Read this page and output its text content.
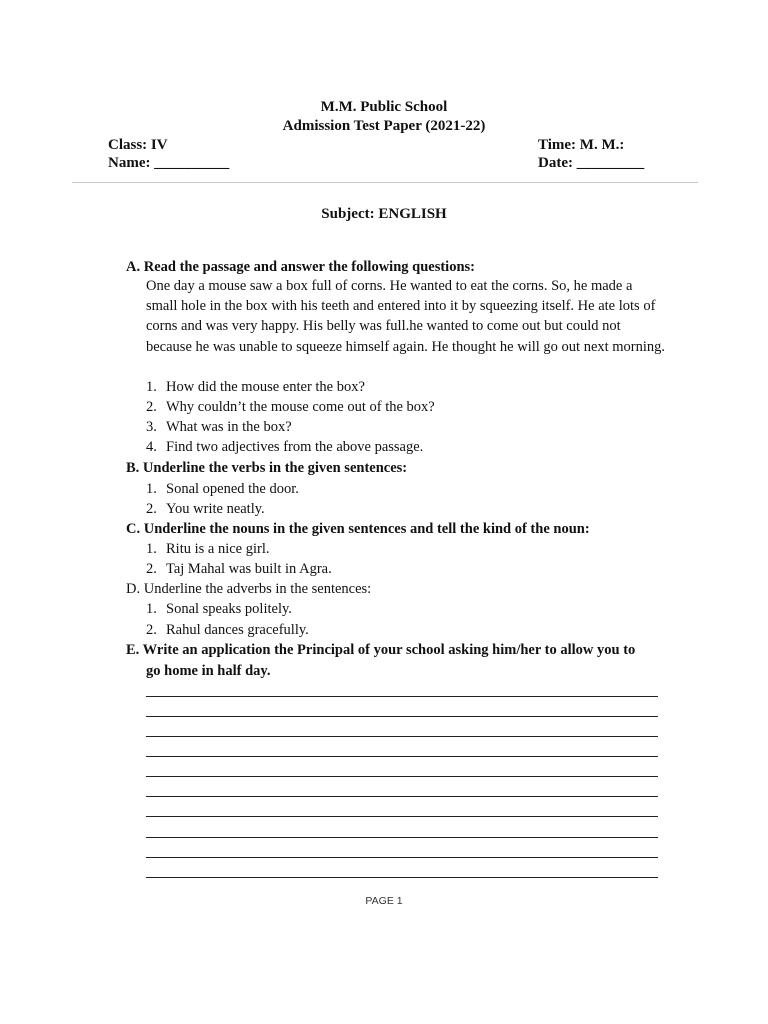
M.M. Public School
Admission Test Paper (2021-22)
Class: IV
Name: __________
Time: M. M.:
Date: _________
Subject: ENGLISH
A. Read the passage and answer the following questions:
One day a mouse saw a box full of corns. He wanted to eat the corns. So, he made a small hole in the box with his teeth and entered into it by squeezing itself. He ate lots of corns and was very happy. His belly was full.he wanted to come out but could not because he was unable to squeeze himself again. He thought he will go out next morning.
1. How did the mouse enter the box?
2. Why couldn’t the mouse come out of the box?
3. What was in the box?
4. Find two adjectives from the above passage.
B. Underline the verbs in the given sentences:
1. Sonal opened the door.
2. You write neatly.
C. Underline the nouns in the given sentences and tell the kind of the noun:
1. Ritu is a nice girl.
2. Taj Mahal was built in Agra.
D. Underline the adverbs in the sentences:
1. Sonal speaks politely.
2. Rahul dances gracefully.
E. Write an application the Principal of your school asking him/her to allow you to
go home in half day.
PAGE 1
